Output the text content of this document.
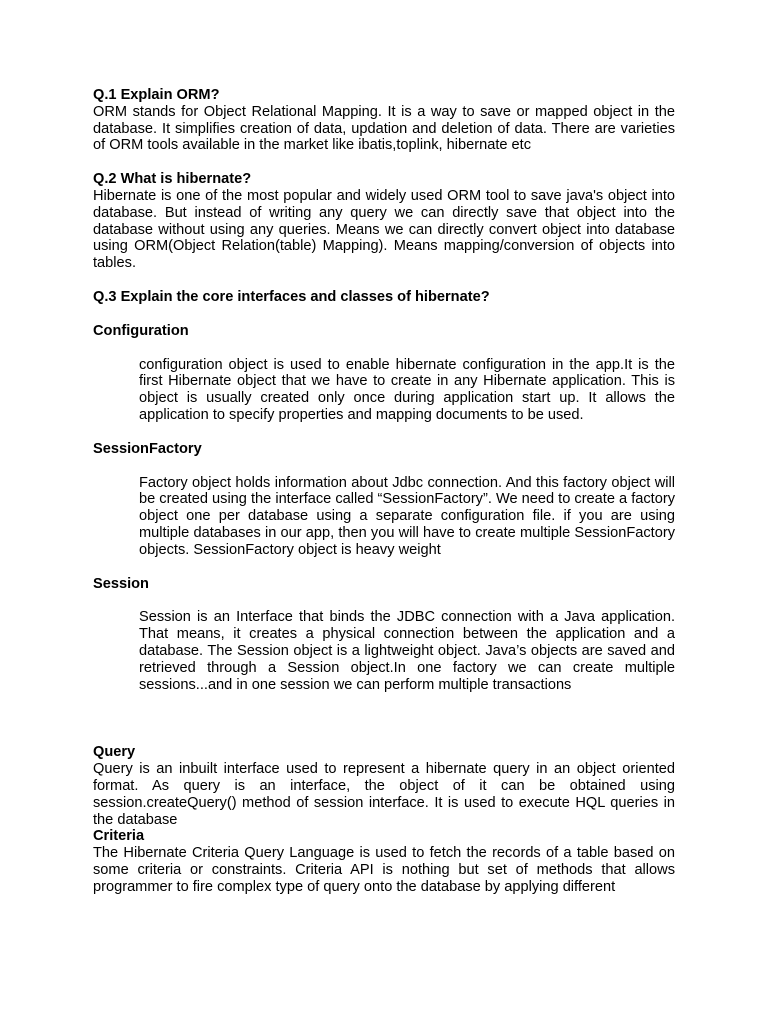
Q.1 Explain ORM?

ORM stands for Object Relational Mapping. It is a way to save or mapped object in the database. It simplifies creation of data, updation and deletion of data. There are varieties of ORM tools available in the market like ibatis,toplink, hibernate etc

Q.2 What is hibernate?

Hibernate is one of the most popular and widely used ORM tool to save java's object into database. But instead of writing any query we can directly save that object into the database without using any queries. Means we can directly convert object into database using ORM(Object Relation(table) Mapping). Means mapping/conversion of objects into tables.

Q.3 Explain the core interfaces and classes of hibernate?
Configuration

configuration object is used to enable hibernate configuration in the app.It is the first Hibernate object that we have to create in any Hibernate application. This is object is usually created only once during application start up. It allows the application to specify properties and mapping documents to be used.

SessionFactory

Factory object holds information about Jdbc connection. And this factory object will be created using the interface called “SessionFactory”. We need to create a factory object one per database using a separate configuration file. if you are using multiple databases in our app, then you will have to create multiple SessionFactory objects. SessionFactory object is heavy weight

Session

Session is an Interface that binds the JDBC connection with a Java application. That means, it creates a physical connection between the application and a database. The Session object is a lightweight object. Java’s objects are saved and retrieved through a Session object.In one factory we can create multiple sessions...and in one session we can perform multiple transactions

Query

Query is an inbuilt interface used to represent a hibernate query in an object oriented format. As query is an interface, the object of it can be obtained using session.createQuery() method of session interface. It is used to execute HQL queries in the database

Criteria

The Hibernate Criteria Query Language is used to fetch the records of a table based on some criteria or constraints. Criteria API is nothing but set of methods that allows programmer to fire complex type of query onto the database by applying different
